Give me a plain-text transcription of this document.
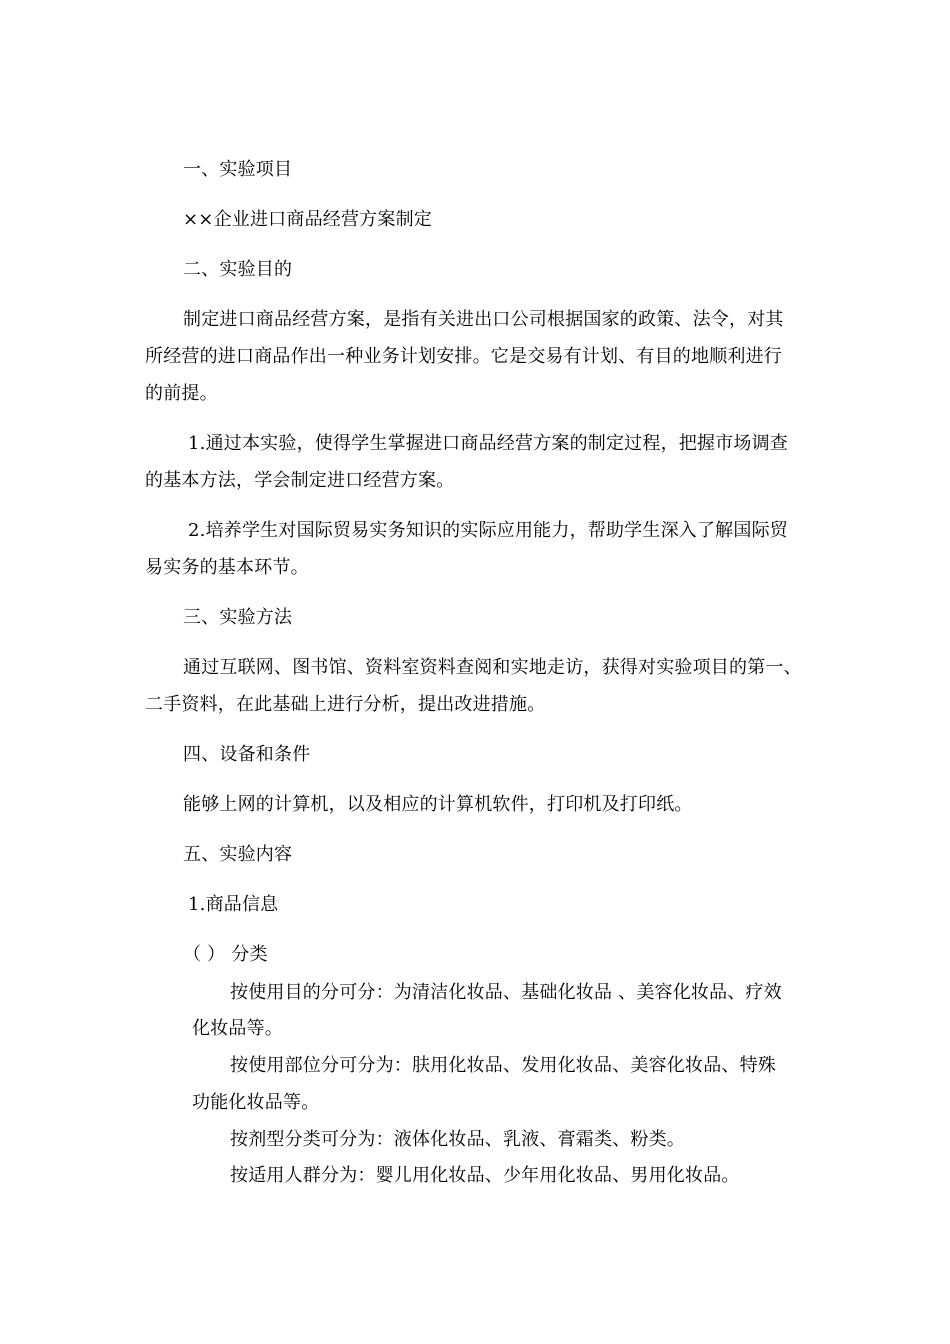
一、实验项目

××企业进口商品经营方案制定

二、实验目的

制定进口商品经营方案，是指有关进出口公司根据国家的政策、法令，对其

所经营的进口商品作出一种业务计划安排。它是交易有计划、有目的地顺利进行

的前提。

1.通过本实验，使得学生掌握进口商品经营方案的制定过程，把握市场调查

的基本方法，学会制定进口经营方案。

2.培养学生对国际贸易实务知识的实际应用能力，帮助学生深入了解国际贸

易实务的基本环节。

三、实验方法

通过互联网、图书馆、资料室资料查阅和实地走访，获得对实验项目的第一、

二手资料，在此基础上进行分析，提出改进措施。

四、设备和条件

能够上网的计算机，以及相应的计算机软件，打印机及打印纸。

五、实验内容

1.商品信息

（ ） 分类

按使用目的分可分：为清洁化妆品、基础化妆品 、美容化妆品、疗效

化妆品等。

按使用部位分可分为：肤用化妆品、发用化妆品、美容化妆品、特殊

功能化妆品等。

按剂型分类可分为：液体化妆品、乳液、膏霜类、粉类。

按适用人群分为：婴儿用化妆品、少年用化妆品、男用化妆品。
